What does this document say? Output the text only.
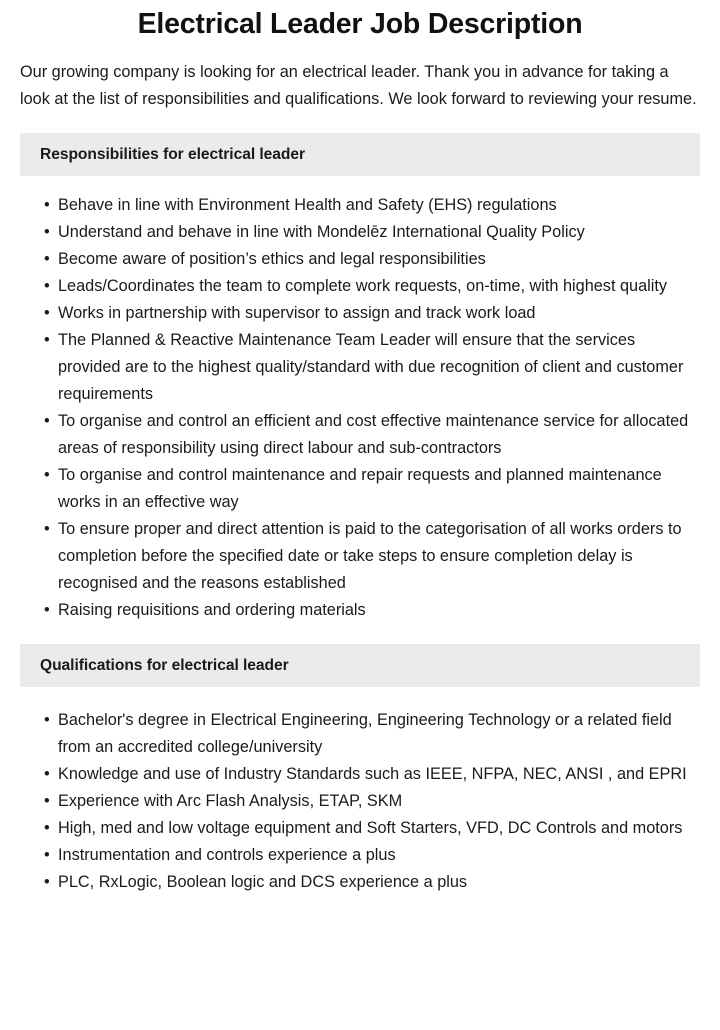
Electrical Leader Job Description

Our growing company is looking for an electrical leader. Thank you in advance for taking a look at the list of responsibilities and qualifications. We look forward to reviewing your resume.

Responsibilities for electrical leader
• Behave in line with Environment Health and Safety (EHS) regulations
• Understand and behave in line with Mondelēz International Quality Policy
• Become aware of position’s ethics and legal responsibilities
• Leads/Coordinates the team to complete work requests, on-time, with highest quality
• Works in partnership with supervisor to assign and track work load
• The Planned & Reactive Maintenance Team Leader will ensure that the services provided are to the highest quality/standard with due recognition of client and customer requirements
• To organise and control an efficient and cost effective maintenance service for allocated areas of responsibility using direct labour and sub-contractors
• To organise and control maintenance and repair requests and planned maintenance works in an effective way
• To ensure proper and direct attention is paid to the categorisation of all works orders to completion before the specified date or take steps to ensure completion delay is recognised and the reasons established
• Raising requisitions and ordering materials
Qualifications for electrical leader
• Bachelor's degree in Electrical Engineering, Engineering Technology or a related field from an accredited college/university
• Knowledge and use of Industry Standards such as IEEE, NFPA, NEC, ANSI , and EPRI
• Experience with Arc Flash Analysis, ETAP, SKM
• High, med and low voltage equipment and Soft Starters, VFD, DC Controls and motors
• Instrumentation and controls experience a plus
• PLC, RxLogic, Boolean logic and DCS experience a plus
